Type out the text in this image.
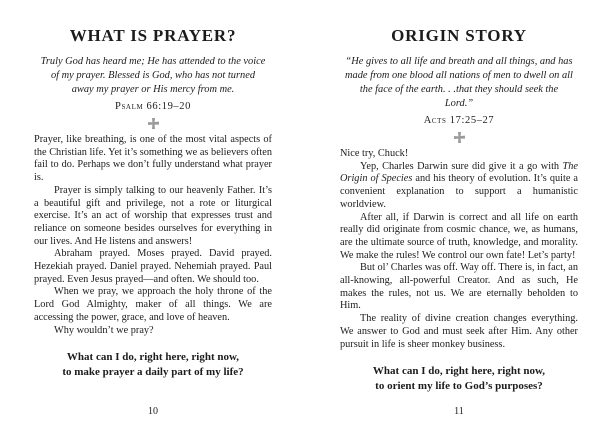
WHAT IS PRAYER?
Truly God has heard me; He has attended to the voice of my prayer. Blessed is God, who has not turned away my prayer or His mercy from me.
Psalm 66:19–20

Prayer, like breathing, is one of the most vital aspects of the Christian life. Yet it’s something we as believers often fail to do. Perhaps we don’t fully understand what prayer is.

Prayer is simply talking to our heavenly Father. It’s a beautiful gift and privilege, not a rote or liturgical exercise. It’s an act of worship that expresses trust and reliance on someone besides ourselves for everything in our lives. And He listens and answers!

Abraham prayed. Moses prayed. David prayed. Hezekiah prayed. Daniel prayed. Nehemiah prayed. Paul prayed. Even Jesus prayed—and often. We should too.

When we pray, we approach the holy throne of the Lord God Almighty, maker of all things. We are accessing the power, grace, and love of heaven.

Why wouldn’t we pray?

What can I do, right here, right now,
to make prayer a daily part of my life?
10
ORIGIN STORY
“He gives to all life and breath and all things, and has made from one blood all nations of men to dwell on all the face of the earth. . .that they should seek the Lord.”
Acts 17:25–27

Nice try, Chuck!

Yep, Charles Darwin sure did give it a go with The Origin of Species and his theory of evolution. It’s quite a convenient explanation to support a humanistic worldview.

After all, if Darwin is correct and all life on earth really did originate from cosmic chance, we, as humans, are the ultimate source of truth, knowledge, and morality. We make the rules! We control our own fate! Let’s party!

But ol’ Charles was off. Way off. There is, in fact, an all-knowing, all-powerful Creator. And as such, He makes the rules, not us. We are eternally beholden to Him.

The reality of divine creation changes everything. We answer to God and must seek after Him. Any other pursuit in life is sheer monkey business.

What can I do, right here, right now,
to orient my life to God’s purposes?
11
